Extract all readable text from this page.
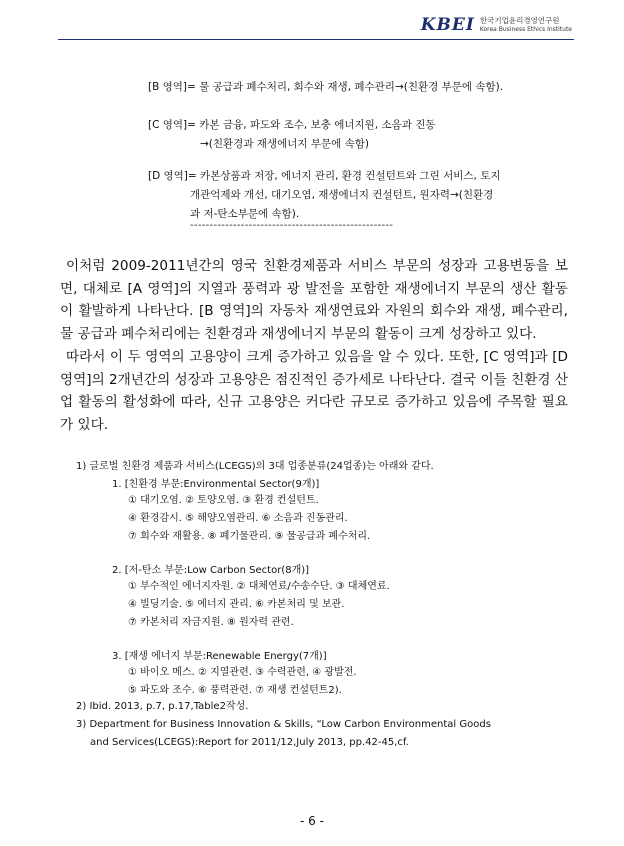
KBEI 한국기업윤리경영연구원
Korea Business Ethics Institute
[B 영역]= 물 공급과 폐수처리, 회수와 재생, 폐수관리→(친환경 부문에 속함).
[C 영역]= 카본 금융, 파도와 조수, 보충 에너지원, 소음과 진동
→(친환경과 재생에너지 부문에 속함)
[D 영역]= 카본상품과 저장, 에너지 관리, 환경 컨설턴트와 그린 서비스, 토지
개관억제와 개선, 대기오염, 재생에너지 컨설턴트, 원자력→(친환경
과 저-탄소부문에 속함).
----------------------------------------------------

이처럼 2009-2011년간의 영국 친환경제품과 서비스 부문의 성장과 고용변동을 보면, 대체로 [A 영역]의 지열과 풍력과 광 발전을 포함한 재생에너지 부문의 생산 활동이 활발하게 나타난다. [B 영역]의 자동차 재생연료와 자원의 회수와 재생, 폐수관리, 물 공급과 폐수처리에는 친환경과 재생에너지 부문의 활동이 크게 성장하고 있다.

따라서 이 두 영역의 고용양이 크게 증가하고 있음을 알 수 있다. 또한, [C 영역]과 [D 영역]의 2개년간의 성장과 고용양은 점진적인 증가세로 나타난다. 결국 이들 친환경 산업 활동의 활성화에 따라, 신규 고용양은 커다란 규모로 증가하고 있음에 주목할 필요가 있다.

1) 글로벌 친환경 제품과 서비스(LCEGS)의 3대 업종분류(24업종)는 아래와 같다.
1. [친환경 부문:Environmental Sector(9개)]
① 대기오염. ② 토양오염. ③ 환경 컨설턴트.
④ 환경감시. ⑤ 해양오염관리. ⑥ 소음과 진동관리.
⑦ 회수와 재활용. ⑧ 폐기물관리. ⑨ 물공급과 폐수처리.
2. [저-탄소 부문:Low Carbon Sector(8개)]
① 부수적인 에너지자원. ② 대체연료/수송수단. ③ 대체연료.
④ 빌딩기술. ⑤ 에너지 관리. ⑥ 카본처리 및 보관.
⑦ 카본처리 자금지원. ⑧ 원자력 관련.
3. [재생 에너지 부문:Renewable Energy(7개)]
① 바이오 메스. ② 지열관련. ③ 수력관련, ④ 광발전.
⑤ 파도와 조수. ⑥ 풍력관련. ⑦ 재생 컨설턴트2).
2) Ibid. 2013, p.7, p.17,Table2작성.
3) Department for Business Innovation & Skills, “Low Carbon Environmental Goods
and Services(LCEGS):Report for 2011/12,July 2013, pp.42-45,cf.
- 6 -
